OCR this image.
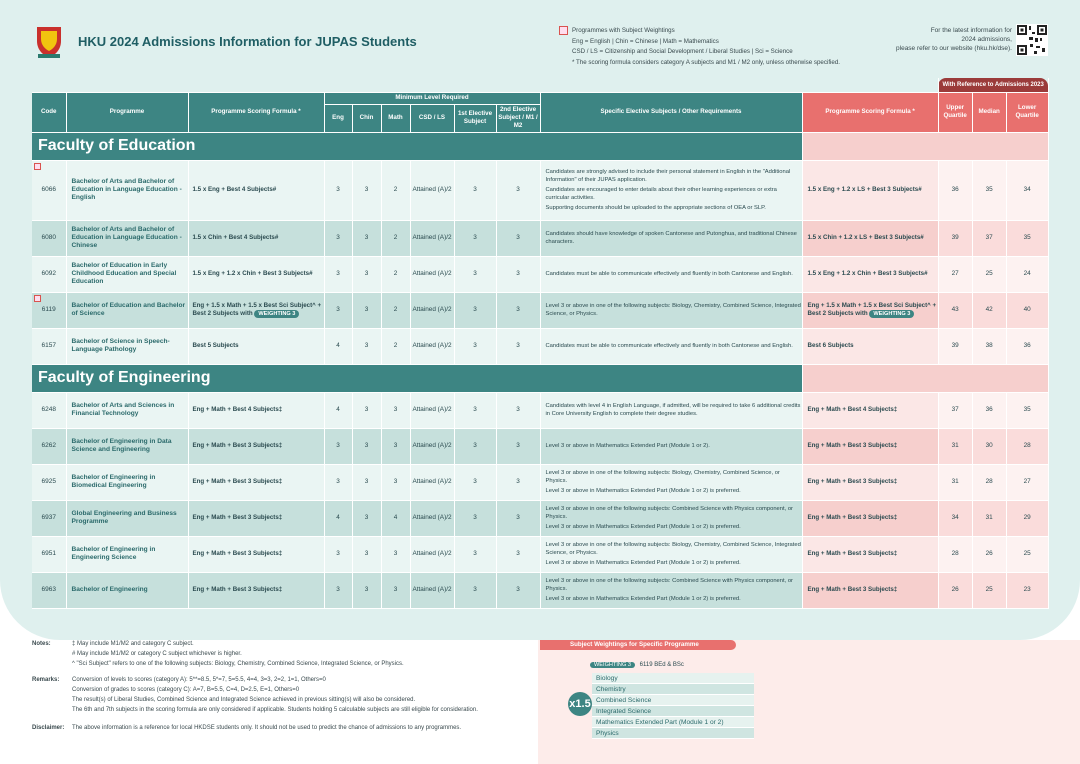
HKU 2024 Admissions Information for JUPAS Students
Programmes with Subject Weightings
Eng = English | Chin = Chinese | Math = Mathematics
CSD / LS = Citizenship and Social Development / Liberal Studies | Sci = Science
* The scoring formula considers category A subjects and M1 / M2 only, unless otherwise specified.
For the latest information for
2024 admissions,
please refer to our website (hku.hk/dse).
											With Reference to Admissions 2023		
Code	Programme	Programme Scoring Formula *	Minimum Level Required						Specific Elective Subjects / Other Requirements	Programme Scoring Formula *	Upper Quartile	Median	Lower Quartile
			Eng	Chin	Math	CSD / LS	1st Elective Subject	2nd Elective Subject / M1 / M2					
Faculty of Education													

6066	Bachelor of Arts and Bachelor of Education in Language Education - English	1.5 x Eng + Best 4 Subjects#	3	3	2	Attained (A)/2	3	3	Candidates are strongly advised to include their personal statement in English in the "Additional Information" of their JUPAS application.

Candidates are encouraged to enter details about their other learning experiences or extra curricular activities.

Supporting documents should be uploaded to the appropriate sections of OEA or SLP.	1.5 x Eng + 1.2 x LS + Best 3 Subjects#	36	35	34
6080	Bachelor of Arts and Bachelor of Education in Language Education - Chinese	1.5 x Chin + Best 4 Subjects#	3	3	2	Attained (A)/2	3	3	Candidates should have knowledge of spoken Cantonese and Putonghua, and traditional Chinese characters.	1.5 x Chin + 1.2 x LS + Best 3 Subjects#	39	37	35
6092	Bachelor of Education in Early Childhood Education and Special Education	1.5 x Eng + 1.2 x Chin + Best 3 Subjects#	3	3	2	Attained (A)/2	3	3	Candidates must be able to communicate effectively and fluently in both Cantonese and English.	1.5 x Eng + 1.2 x Chin + Best 3 Subjects#	27	25	24

6119	Bachelor of Education and Bachelor of Science	Eng + 1.5 x Math + 1.5 x Best Sci Subject^ + Best 2 Subjects with WEIGHTING 3	3	3	2	Attained (A)/2	3	3	Level 3 or above in one of the following subjects: Biology, Chemistry, Combined Science, Integrated Science, or Physics.	Eng + 1.5 x Math + 1.5 x Best Sci Subject^ + Best 2 Subjects with WEIGHTING 3	43	42	40
6157	Bachelor of Science in Speech-Language Pathology	Best 5 Subjects	4	3	2	Attained (A)/2	3	3	Candidates must be able to communicate effectively and fluently in both Cantonese and English.	Best 6 Subjects	39	38	36
Faculty of Engineering													
6248	Bachelor of Arts and Sciences in Financial Technology	Eng + Math + Best 4 Subjects‡	4	3	3	Attained (A)/2	3	3	Candidates with level 4 in English Language, if admitted, will be required to take 6 additional credits in Core University English to complete their degree studies.	Eng + Math + Best 4 Subjects‡	37	36	35
6262	Bachelor of Engineering in Data Science and Engineering	Eng + Math + Best 3 Subjects‡	3	3	3	Attained (A)/2	3	3	Level 3 or above in Mathematics Extended Part (Module 1 or 2).	Eng + Math + Best 3 Subjects‡	31	30	28
6925	Bachelor of Engineering in Biomedical Engineering	Eng + Math + Best 3 Subjects‡	3	3	3	Attained (A)/2	3	3	Level 3 or above in one of the following subjects: Biology, Chemistry, Combined Science, or Physics.

Level 3 or above in Mathematics Extended Part (Module 1 or 2) is preferred.	Eng + Math + Best 3 Subjects‡	31	28	27
6937	Global Engineering and Business Programme	Eng + Math + Best 3 Subjects‡	4	3	4	Attained (A)/2	3	3	Level 3 or above in one of the following subjects: Combined Science with Physics component, or Physics.

Level 3 or above in Mathematics Extended Part (Module 1 or 2) is preferred.	Eng + Math + Best 3 Subjects‡	34	31	29
6951	Bachelor of Engineering in Engineering Science	Eng + Math + Best 3 Subjects‡	3	3	3	Attained (A)/2	3	3	Level 3 or above in one of the following subjects: Biology, Chemistry, Combined Science, Integrated Science, or Physics.

Level 3 or above in Mathematics Extended Part (Module 1 or 2) is preferred.	Eng + Math + Best 3 Subjects‡	28	26	25
6963	Bachelor of Engineering	Eng + Math + Best 3 Subjects‡	3	3	3	Attained (A)/2	3	3	Level 3 or above in one of the following subjects: Combined Science with Physics component, or Physics.

Level 3 or above in Mathematics Extended Part (Module 1 or 2) is preferred.	Eng + Math + Best 3 Subjects‡	26	25	23
Notes:	‡ May include M1/M2 and category C subject.
# May include M1/M2 or category C subject whichever is higher.
^ "Sci Subject" refers to one of the following subjects: Biology, Chemistry, Combined Science, Integrated Science, or Physics.
Remarks: Conversion of levels to scores (category A): 5**=8.5, 5*=7, 5=5.5, 4=4, 3=3, 2=2, 1=1, Others=0
Conversion of grades to scores (category C): A=7, B=5.5, C=4, D=2.5, E=1, Others=0
The result(s) of Liberal Studies, Combined Science and Integrated Science achieved in previous sitting(s) will also be considered.
The 6th and 7th subjects in the scoring formula are only considered if applicable. Students holding 5 calculable subjects are still eligible for consideration.
Disclaimer: The above information is a reference for local HKDSE students only. It should not be used to predict the chance of admissions to any programmes.
Subject Weightings for Specific Programme
WEIGHTING 3 6119 BEd & BSc
x1.5
Biology
Chemistry
Combined Science
Integrated Science
Mathematics Extended Part (Module 1 or 2)
Physics
